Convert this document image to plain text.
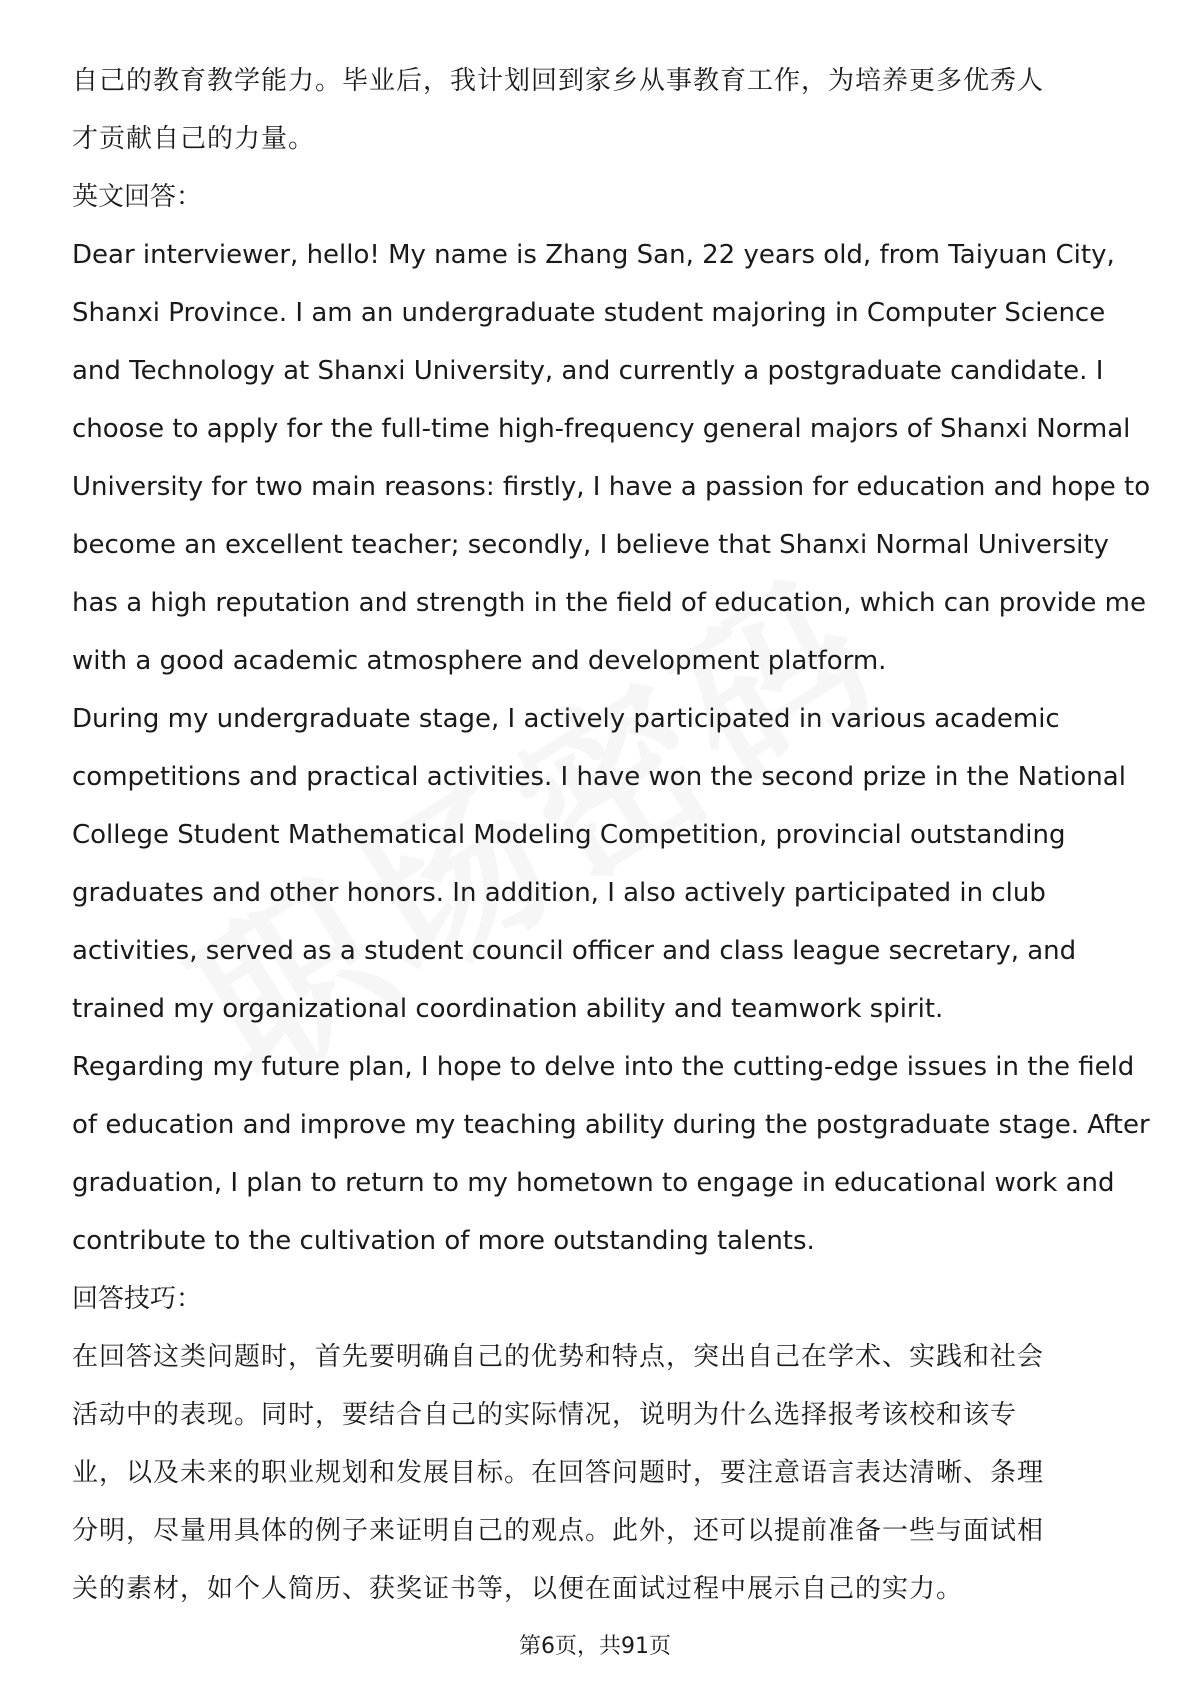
自己的教育教学能力。毕业后，我计划回到家乡从事教育工作，为培养更多优秀人
才贡献自己的力量。
英文回答：
Dear interviewer, hello! My name is Zhang San, 22 years old, from Taiyuan City,
Shanxi Province. I am an undergraduate student majoring in Computer Science
and Technology at Shanxi University, and currently a postgraduate candidate. I
choose to apply for the full-time high-frequency general majors of Shanxi Normal
University for two main reasons: firstly, I have a passion for education and hope to
become an excellent teacher; secondly, I believe that Shanxi Normal University
has a high reputation and strength in the field of education, which can provide me
with a good academic atmosphere and development platform.
During my undergraduate stage, I actively participated in various academic
competitions and practical activities. I have won the second prize in the National
College Student Mathematical Modeling Competition, provincial outstanding
graduates and other honors. In addition, I also actively participated in club
activities, served as a student council officer and class league secretary, and
trained my organizational coordination ability and teamwork spirit.
Regarding my future plan, I hope to delve into the cutting-edge issues in the field
of education and improve my teaching ability during the postgraduate stage. After
graduation, I plan to return to my hometown to engage in educational work and
contribute to the cultivation of more outstanding talents.
回答技巧：
在回答这类问题时，首先要明确自己的优势和特点，突出自己在学术、实践和社会
活动中的表现。同时，要结合自己的实际情况，说明为什么选择报考该校和该专
业，以及未来的职业规划和发展目标。在回答问题时，要注意语言表达清晰、条理
分明，尽量用具体的例子来证明自己的观点。此外，还可以提前准备一些与面试相
关的素材，如个人简历、获奖证书等，以便在面试过程中展示自己的实力。
第6页，共91页
